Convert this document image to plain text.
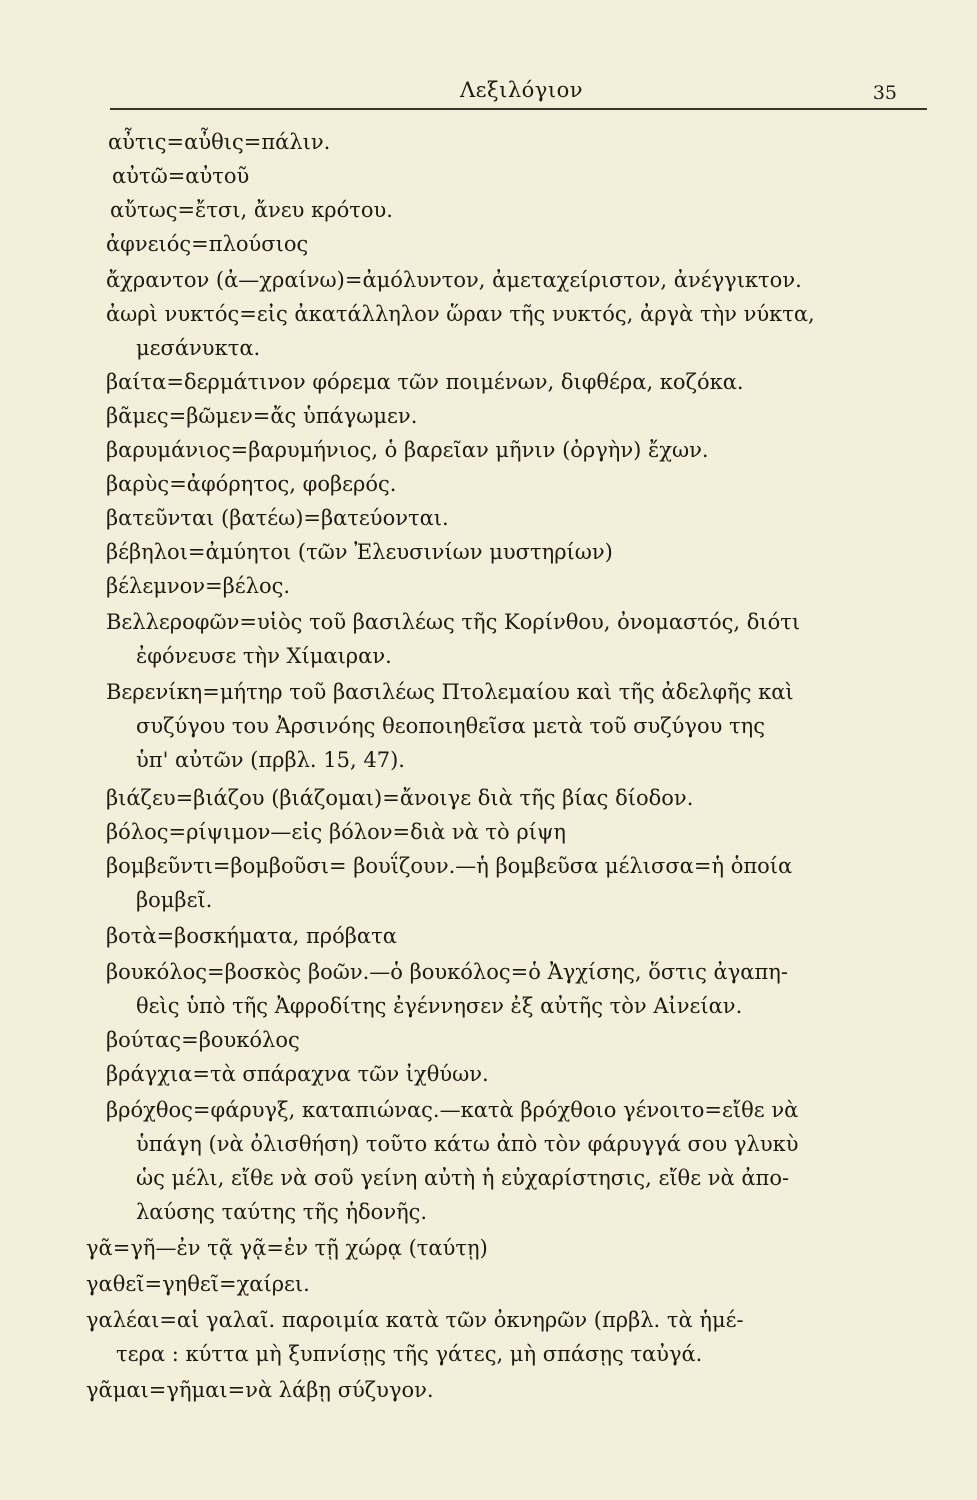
Λεξιλόγιον	35
αὖτις=αὖθις=πάλιν.
αὐτῶ=αὐτοῦ
αὔτως=ἔτσι, ἄνευ κρότου.
ἀφνειός=πλούσιος
ἄχραντον (ἀ—χραίνω)=ἀμόλυντον, ἀμεταχείριστον, ἀνέγγικτον.
ἀωρὶ νυκτός=εἰς ἀκατάλληλον ὥραν τῆς νυκτός, ἀργὰ τὴν νύκτα,
μεσάνυκτα.
βαίτα=δερμάτινον φόρεμα τῶν ποιμένων, διφθέρα, κοζόκα.
βᾶμες=βῶμεν=ἄς ὑπάγωμεν.
βαρυμάνιος=βαρυμήνιος, ὁ βαρεῖαν μῆνιν (ὀργὴν) ἔχων.
βαρὺς=ἀφόρητος, φοβερός.
βατεῦνται (βατέω)=βατεύονται.
βέβηλοι=ἀμύητοι (τῶν Ἐλευσινίων μυστηρίων)
βέλεμνον=βέλος.
Βελλεροφῶν=υἱὸς τοῦ βασιλέως τῆς Κορίνθου, ὀνομαστός, διότι
ἐφόνευσε τὴν Χίμαιραν.
Βερενίκη=μήτηρ τοῦ βασιλέως Πτολεμαίου καὶ τῆς ἀδελφῆς καὶ
συζύγου του Ἀρσινόης θεοποιηθεῖσα μετὰ τοῦ συζύγου της
ὑπ' αὐτῶν (πρβλ. 15, 47).
βιάζευ=βιάζου (βιάζομαι)=ἄνοιγε διὰ τῆς βίας δίοδον.
βόλος=ρίψιμον—εἰς βόλον=διὰ νὰ τὸ ρίψη
βομβεῦντι=βομβοῦσι= βουΐζουν.—ἡ βομβεῦσα μέλισσα=ἡ ὁποία
βομβεῖ.
βοτὰ=βοσκήματα, πρόβατα
βουκόλος=βοσκὸς βοῶν.—ὁ βουκόλος=ὁ Ἀγχίσης, ὅστις ἀγαπη-
θεὶς ὑπὸ τῆς Ἀφροδίτης ἐγέννησεν ἐξ αὐτῆς τὸν Αἰνείαν.
βούτας=βουκόλος
βράγχια=τὰ σπάραχνα τῶν ἰχθύων.
βρόχθος=φάρυγξ, καταπιώνας.—κατὰ βρόχθοιο γένοιτο=εἴθε νὰ
ὑπάγη (νὰ ὀλισθήση) τοῦτο κάτω ἀπὸ τὸν φάρυγγά σου γλυκὺ
ὡς μέλι, εἴθε νὰ σοῦ γείνη αὐτὴ ἡ εὐχαρίστησις, εἴθε νὰ ἀπο-
λαύσης ταύτης τῆς ἡδονῆς.
γᾶ=γῆ—ἐν τᾷ γᾷ=ἐν τῇ χώρᾳ (ταύτῃ)
γαθεῖ=γηθεῖ=χαίρει.
γαλέαι=αἱ γαλαῖ. παροιμία κατὰ τῶν ὀκνηρῶν (πρβλ. τὰ ἡμέ-
τερα : κύττα μὴ ξυπνίσῃς τῆς γάτες, μὴ σπάσῃς ταὐγά.
γᾶμαι=γῆμαι=νὰ λάβῃ σύζυγον.
